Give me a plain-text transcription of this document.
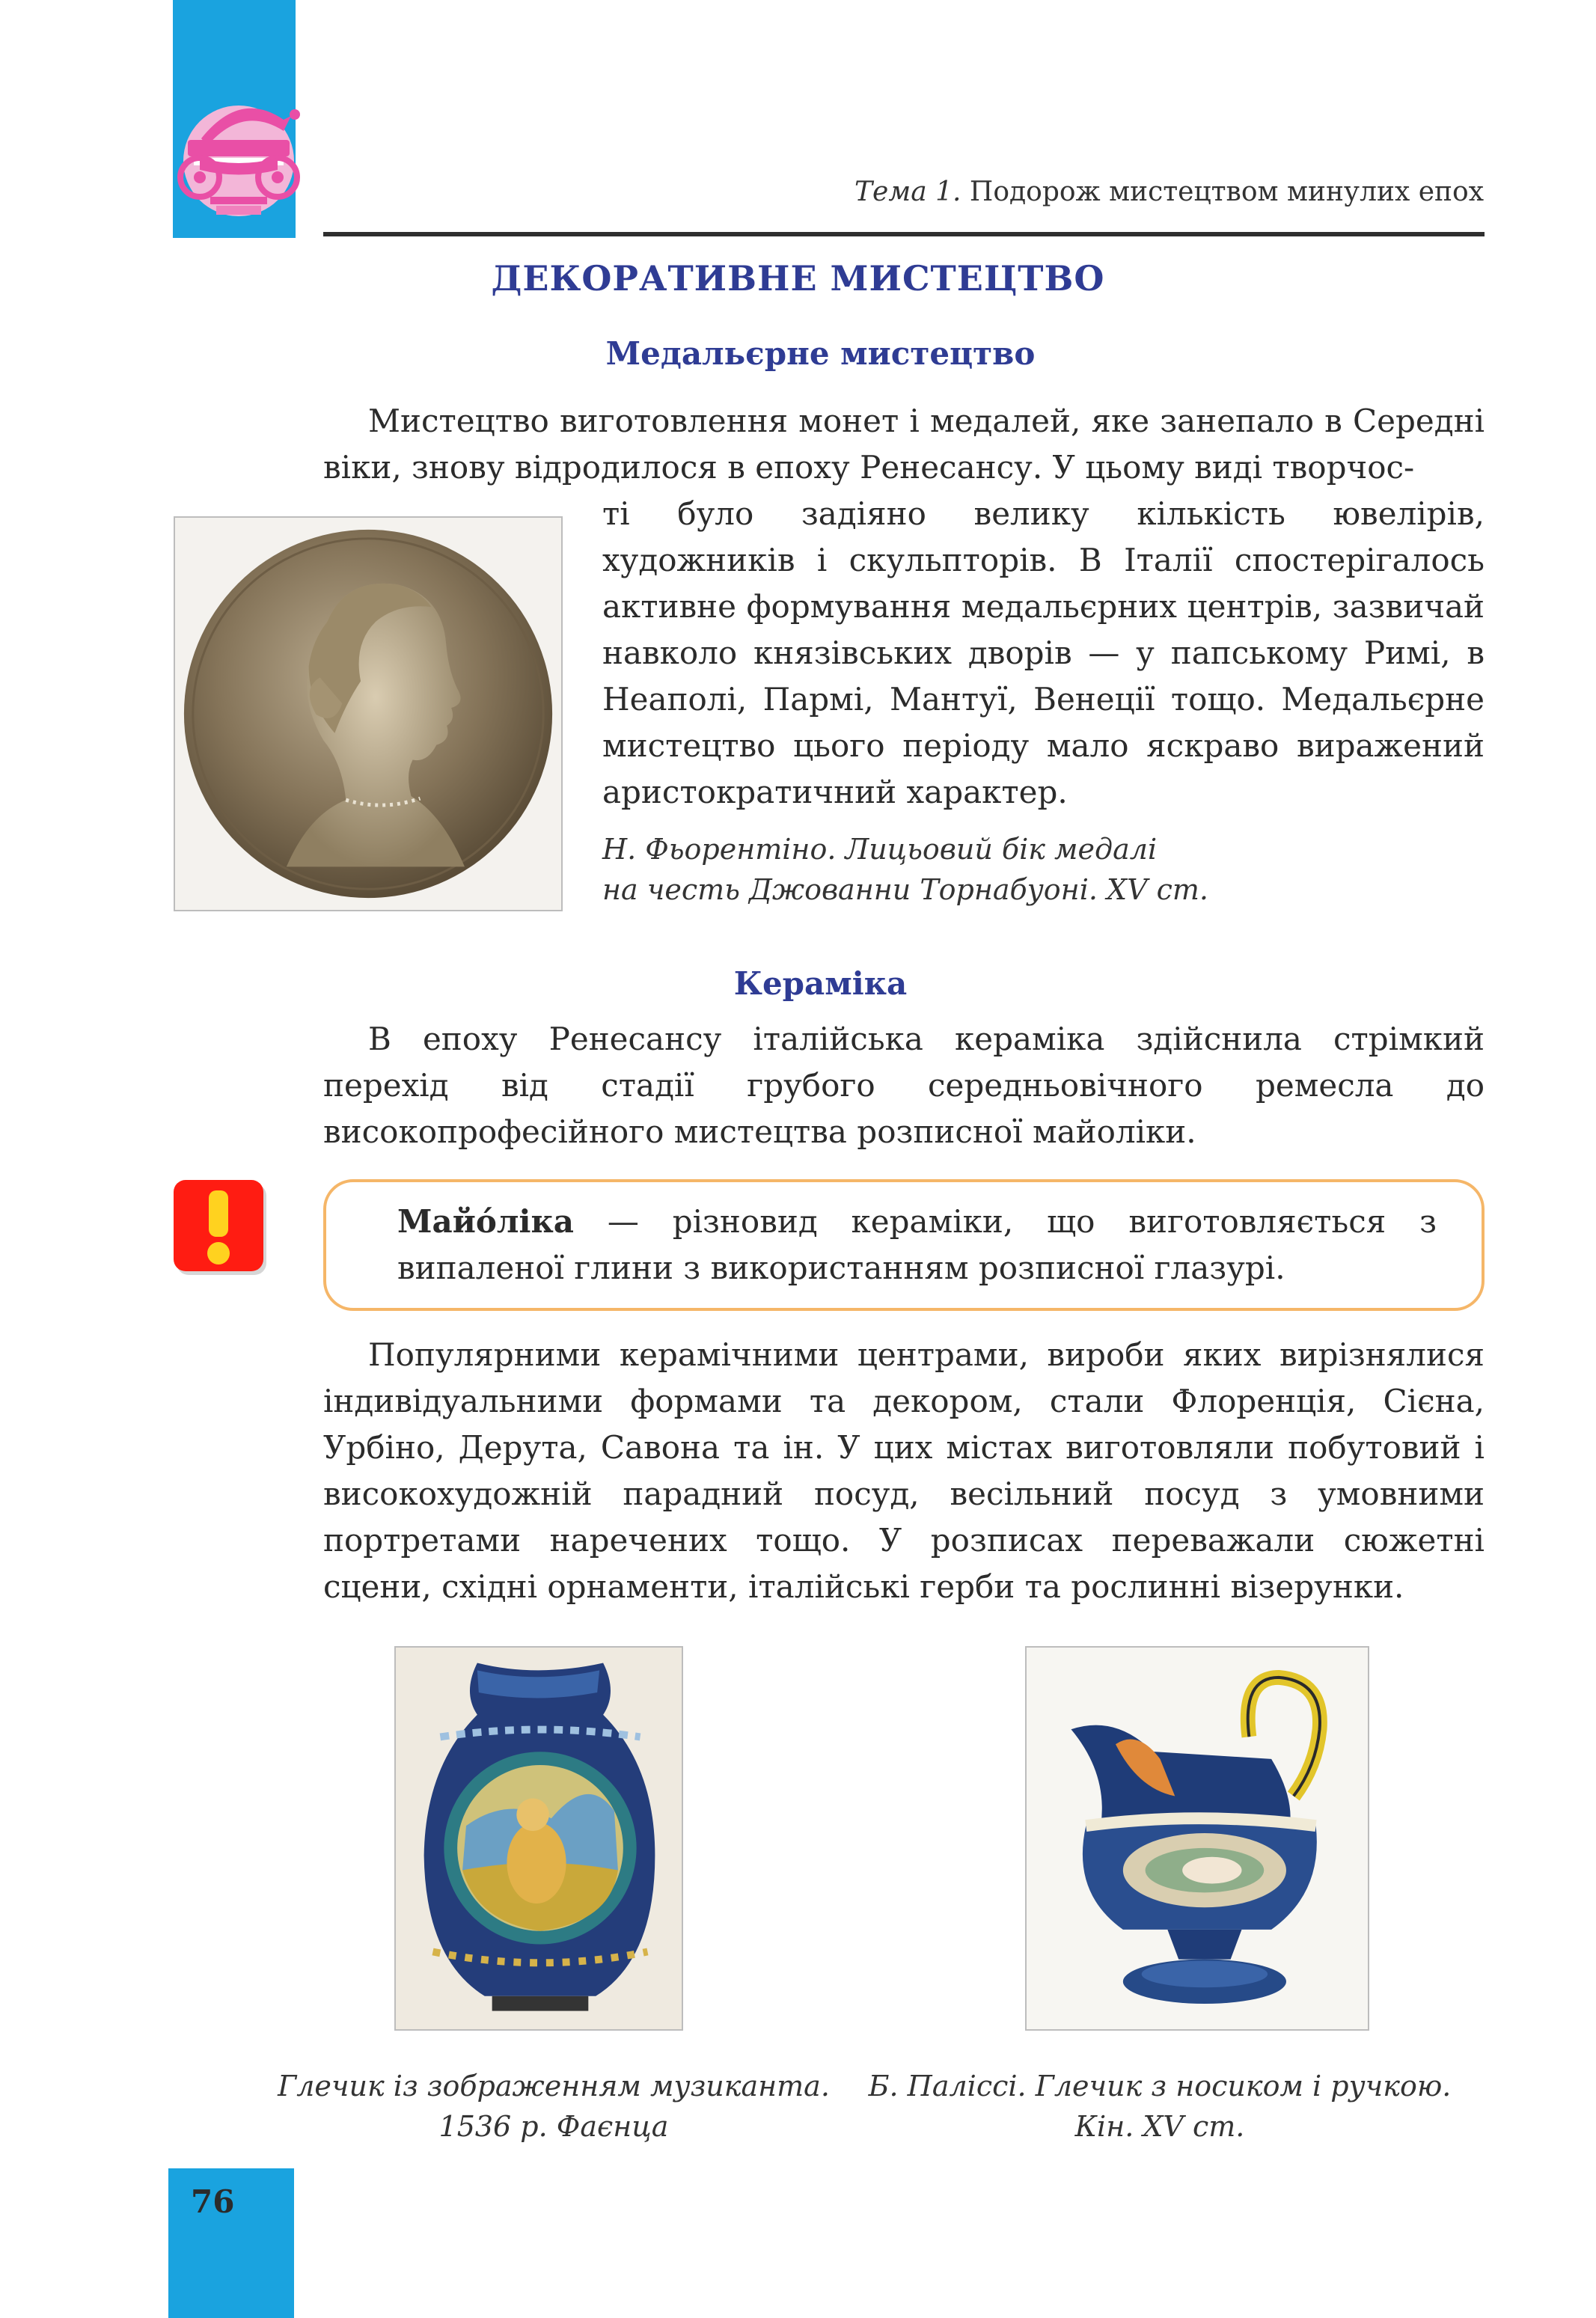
Тема 1. Подорож мистецтвом минулих епох
ДЕКОРАТИВНЕ МИСТЕЦТВО
Медальєрне мистецтво
Мистецтво виготовлення монет і медалей, яке занепало в Середні віки, знову відродилося в епоху Ренесансу. У цьому виді творчос-
ті було задіяно велику кількість ювелірів, художників і скульпторів. В Італії спостерігалось активне формування медальєрних центрів, зазвичай навколо князівських дворів — у папському Римі, в Неаполі, Пармі, Мантуї, Венеції тощо. Медальєрне мистецтво цього періоду мало яскраво виражений аристократичний характер.
Н. Фьорентіно. Лицьовий бік медалі
на честь Джованни Торнабуоні. XV ст.
Кераміка
В епоху Ренесансу італійська кераміка здійснила стрімкий перехід від стадії грубого середньовічного ремесла до високопрофесійного мистецтва розписної майоліки.
Майо́ліка — різновид кераміки, що виготовляється з випаленої глини з використанням розписної глазурі.
Популярними керамічними центрами, вироби яких вирізнялися індивідуальними формами та декором, стали Флоренція, Сієна, Урбіно, Дерута, Савона та ін. У цих містах виготовляли побутовий і високохудожній парадний посуд, весільний посуд з умовними портретами наречених тощо. У розписах переважали сюжетні сцени, східні орнаменти, італійські герби та рослинні візерунки.
Глечик із зображенням музиканта.
1536 р. Фаєнца
Б. Паліссі. Глечик з носиком і ручкою.
Кін. XV ст.
76
